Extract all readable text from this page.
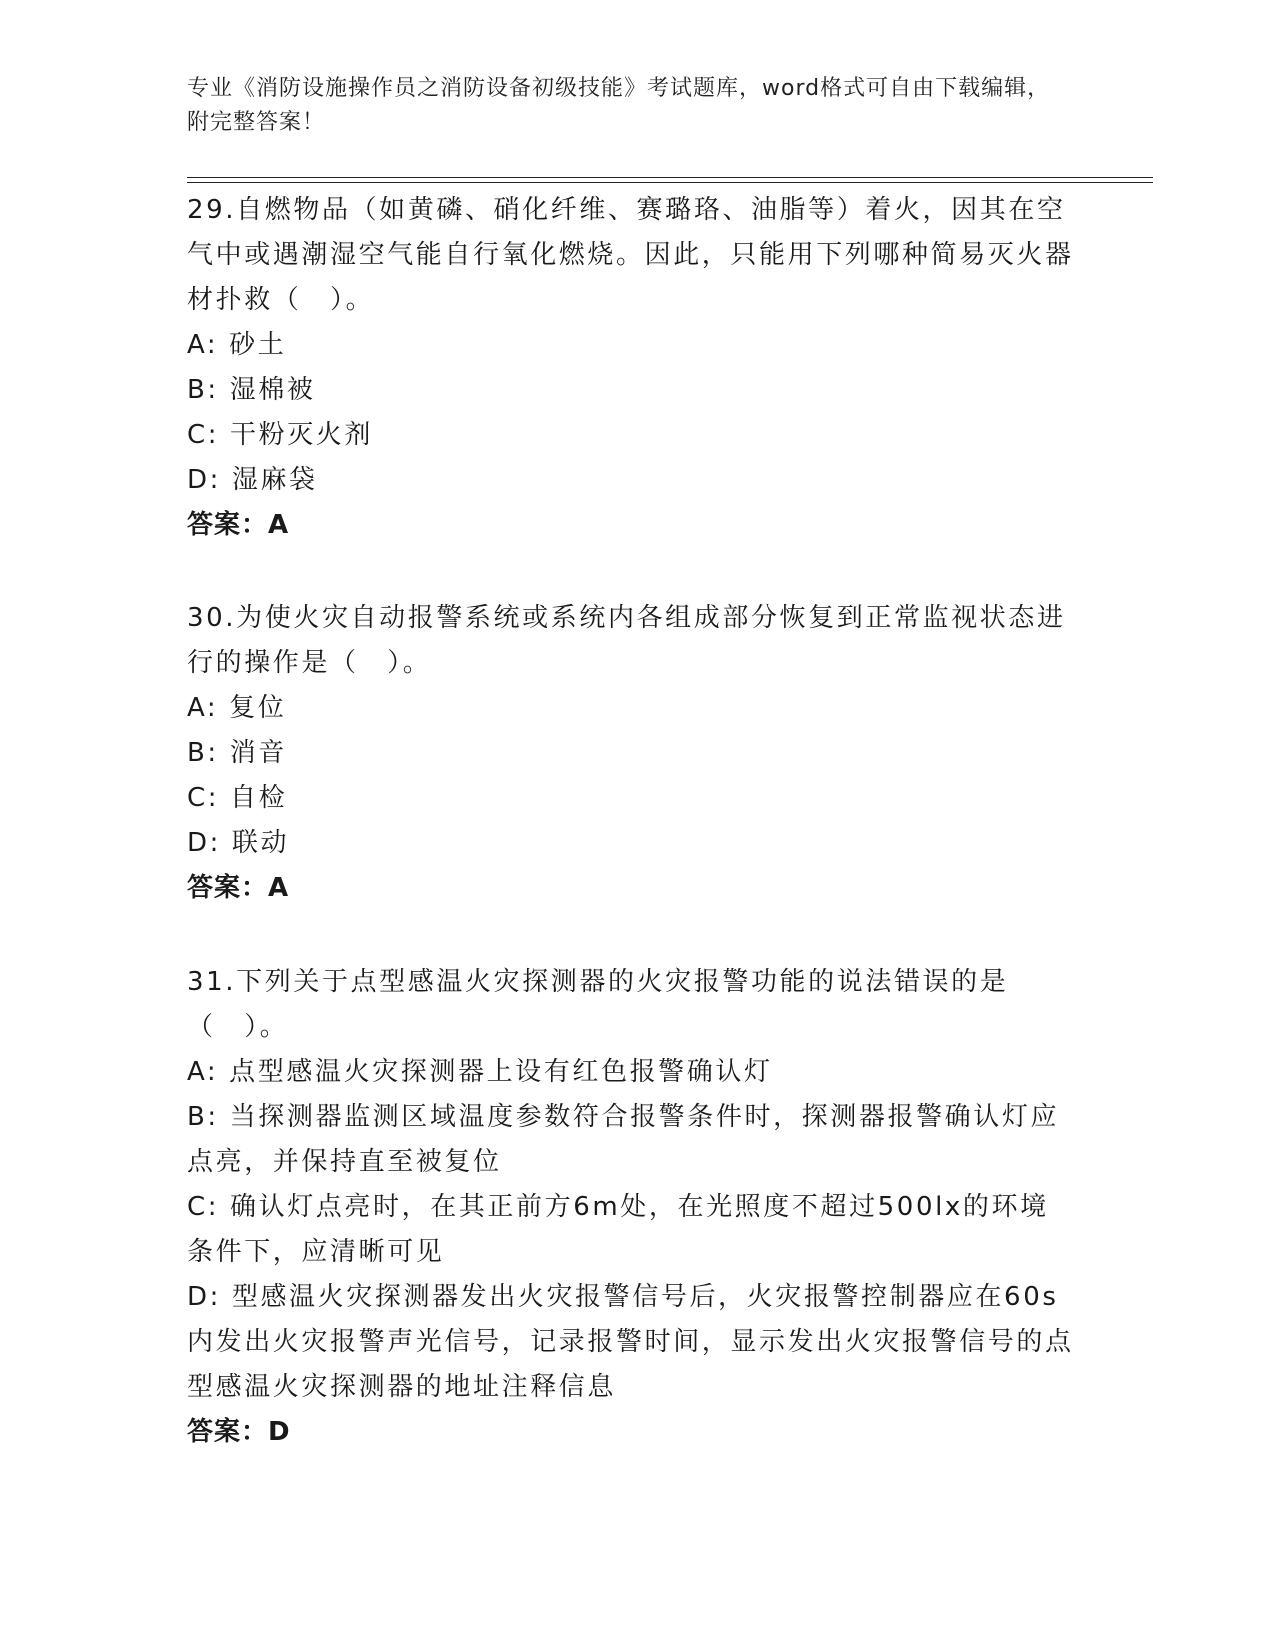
专业《消防设施操作员之消防设备初级技能》考试题库，word格式可自由下载编辑，附完整答案！
29.自燃物品（如黄磷、硝化纤维、赛璐珞、油脂等）着火，因其在空气中或遇潮湿空气能自行氧化燃烧。因此，只能用下列哪种简易灭火器材扑救（　）。
A: 砂土
B: 湿棉被
C: 干粉灭火剂
D: 湿麻袋
答案：A
30.为使火灾自动报警系统或系统内各组成部分恢复到正常监视状态进行的操作是（　）。
A: 复位
B: 消音
C: 自检
D: 联动
答案：A
31.下列关于点型感温火灾探测器的火灾报警功能的说法错误的是（　）。
A: 点型感温火灾探测器上设有红色报警确认灯
B: 当探测器监测区域温度参数符合报警条件时，探测器报警确认灯应点亮，并保持直至被复位
C: 确认灯点亮时，在其正前方6m处，在光照度不超过500lx的环境条件下，应清晰可见
D: 型感温火灾探测器发出火灾报警信号后，火灾报警控制器应在60s内发出火灾报警声光信号，记录报警时间，显示发出火灾报警信号的点型感温火灾探测器的地址注释信息
答案：D
